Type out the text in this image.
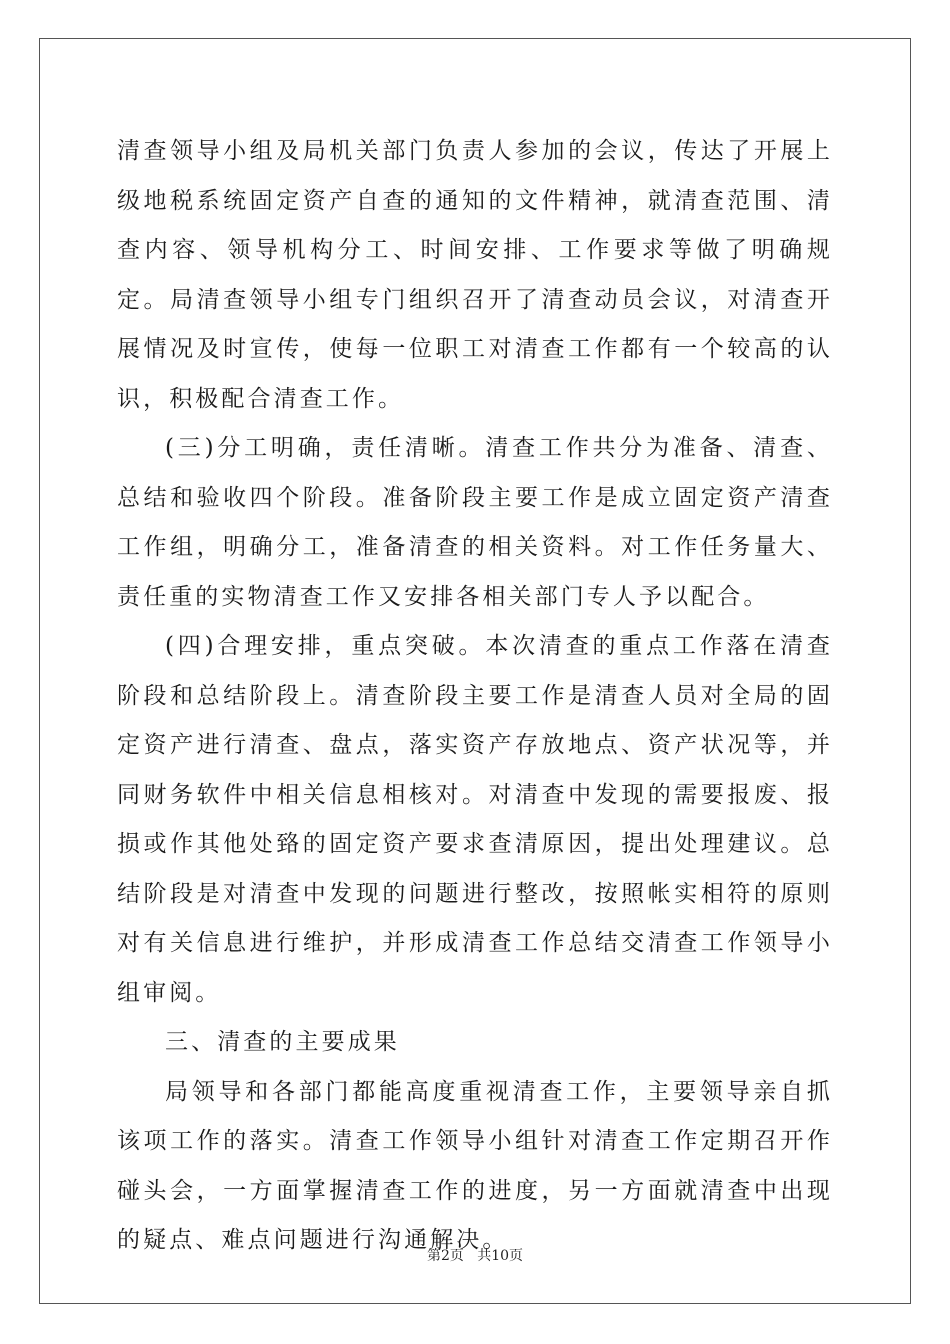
清查领导小组及局机关部门负责人参加的会议，传达了开展上级地税系统固定资产自查的通知的文件精神，就清查范围、清查内容、领导机构分工、时间安排、工作要求等做了明确规定。局清查领导小组专门组织召开了清查动员会议，对清查开展情况及时宣传，使每一位职工对清查工作都有一个较高的认识，积极配合清查工作。

(三)分工明确，责任清晰。清查工作共分为准备、清查、总结和验收四个阶段。准备阶段主要工作是成立固定资产清查工作组，明确分工，准备清查的相关资料。对工作任务量大、责任重的实物清查工作又安排各相关部门专人予以配合。

(四)合理安排，重点突破。本次清查的重点工作落在清查阶段和总结阶段上。清查阶段主要工作是清查人员对全局的固定资产进行清查、盘点，落实资产存放地点、资产状况等，并同财务软件中相关信息相核对。对清查中发现的需要报废、报损或作其他处臵的固定资产要求查清原因，提出处理建议。总结阶段是对清查中发现的问题进行整改，按照帐实相符的原则对有关信息进行维护，并形成清查工作总结交清查工作领导小组审阅。

三、清查的主要成果

局领导和各部门都能高度重视清查工作，主要领导亲自抓该项工作的落实。清查工作领导小组针对清查工作定期召开作碰头会，一方面掌握清查工作的进度，另一方面就清查中出现的疑点、难点问题进行沟通解决。

第2页   共10页
